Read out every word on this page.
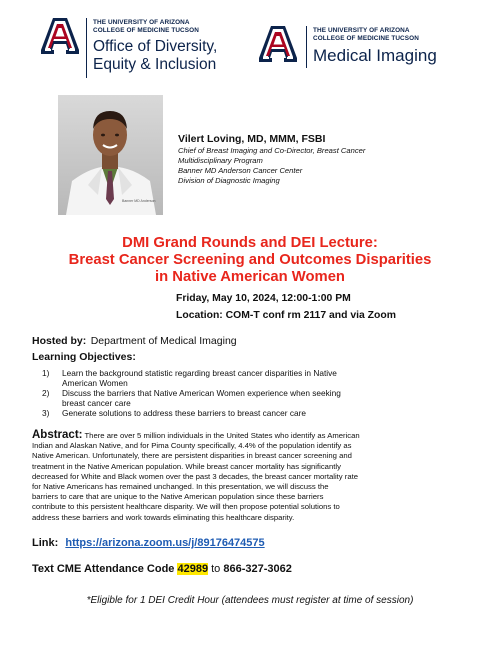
THE UNIVERSITY OF ARIZONA
COLLEGE OF MEDICINE TUCSON
Office of Diversity,
Equity & Inclusion
THE UNIVERSITY OF ARIZONA
COLLEGE OF MEDICINE TUCSON
Medical Imaging
Banner MD Anderson
Vilert Loving, MD, MMM, FSBI
Chief of Breast Imaging and Co-Director, Breast Cancer
Multidisciplinary Program
Banner MD Anderson Cancer Center
Division of Diagnostic Imaging
DMI Grand Rounds and DEI Lecture:
Breast Cancer Screening and Outcomes Disparities
in Native American Women
Friday, May 10, 2024, 12:00-1:00 PM
Location: COM-T conf rm 2117 and via Zoom
Hosted by: Department of Medical Imaging
Learning Objectives:
1) Learn the background statistic regarding breast cancer disparities in Native
American Women
2) Discuss the barriers that Native American Women experience when seeking
breast cancer care
3) Generate solutions to address these barriers to breast cancer care
Abstract: There are over 5 million individuals in the United States who identify as American
Indian and Alaskan Native, and for Pima County specifically, 4.4% of the population identify as
Native American. Unfortunately, there are persistent disparities in breast cancer screening and
treatment in the Native American population. While breast cancer mortality has significantly
decreased for White and Black women over the past 3 decades, the breast cancer mortality rate
for Native Americans has remained unchanged. In this presentation, we will discuss the
barriers to care that are unique to the Native American population since these barriers
contribute to this persistent healthcare disparity. We will then propose potential solutions to
address these barriers and work towards eliminating this healthcare disparity.
Link: https://arizona.zoom.us/j/89176474575
Text CME Attendance Code 42989 to 866-327-3062
*Eligible for 1 DEI Credit Hour (attendees must register at time of session)
